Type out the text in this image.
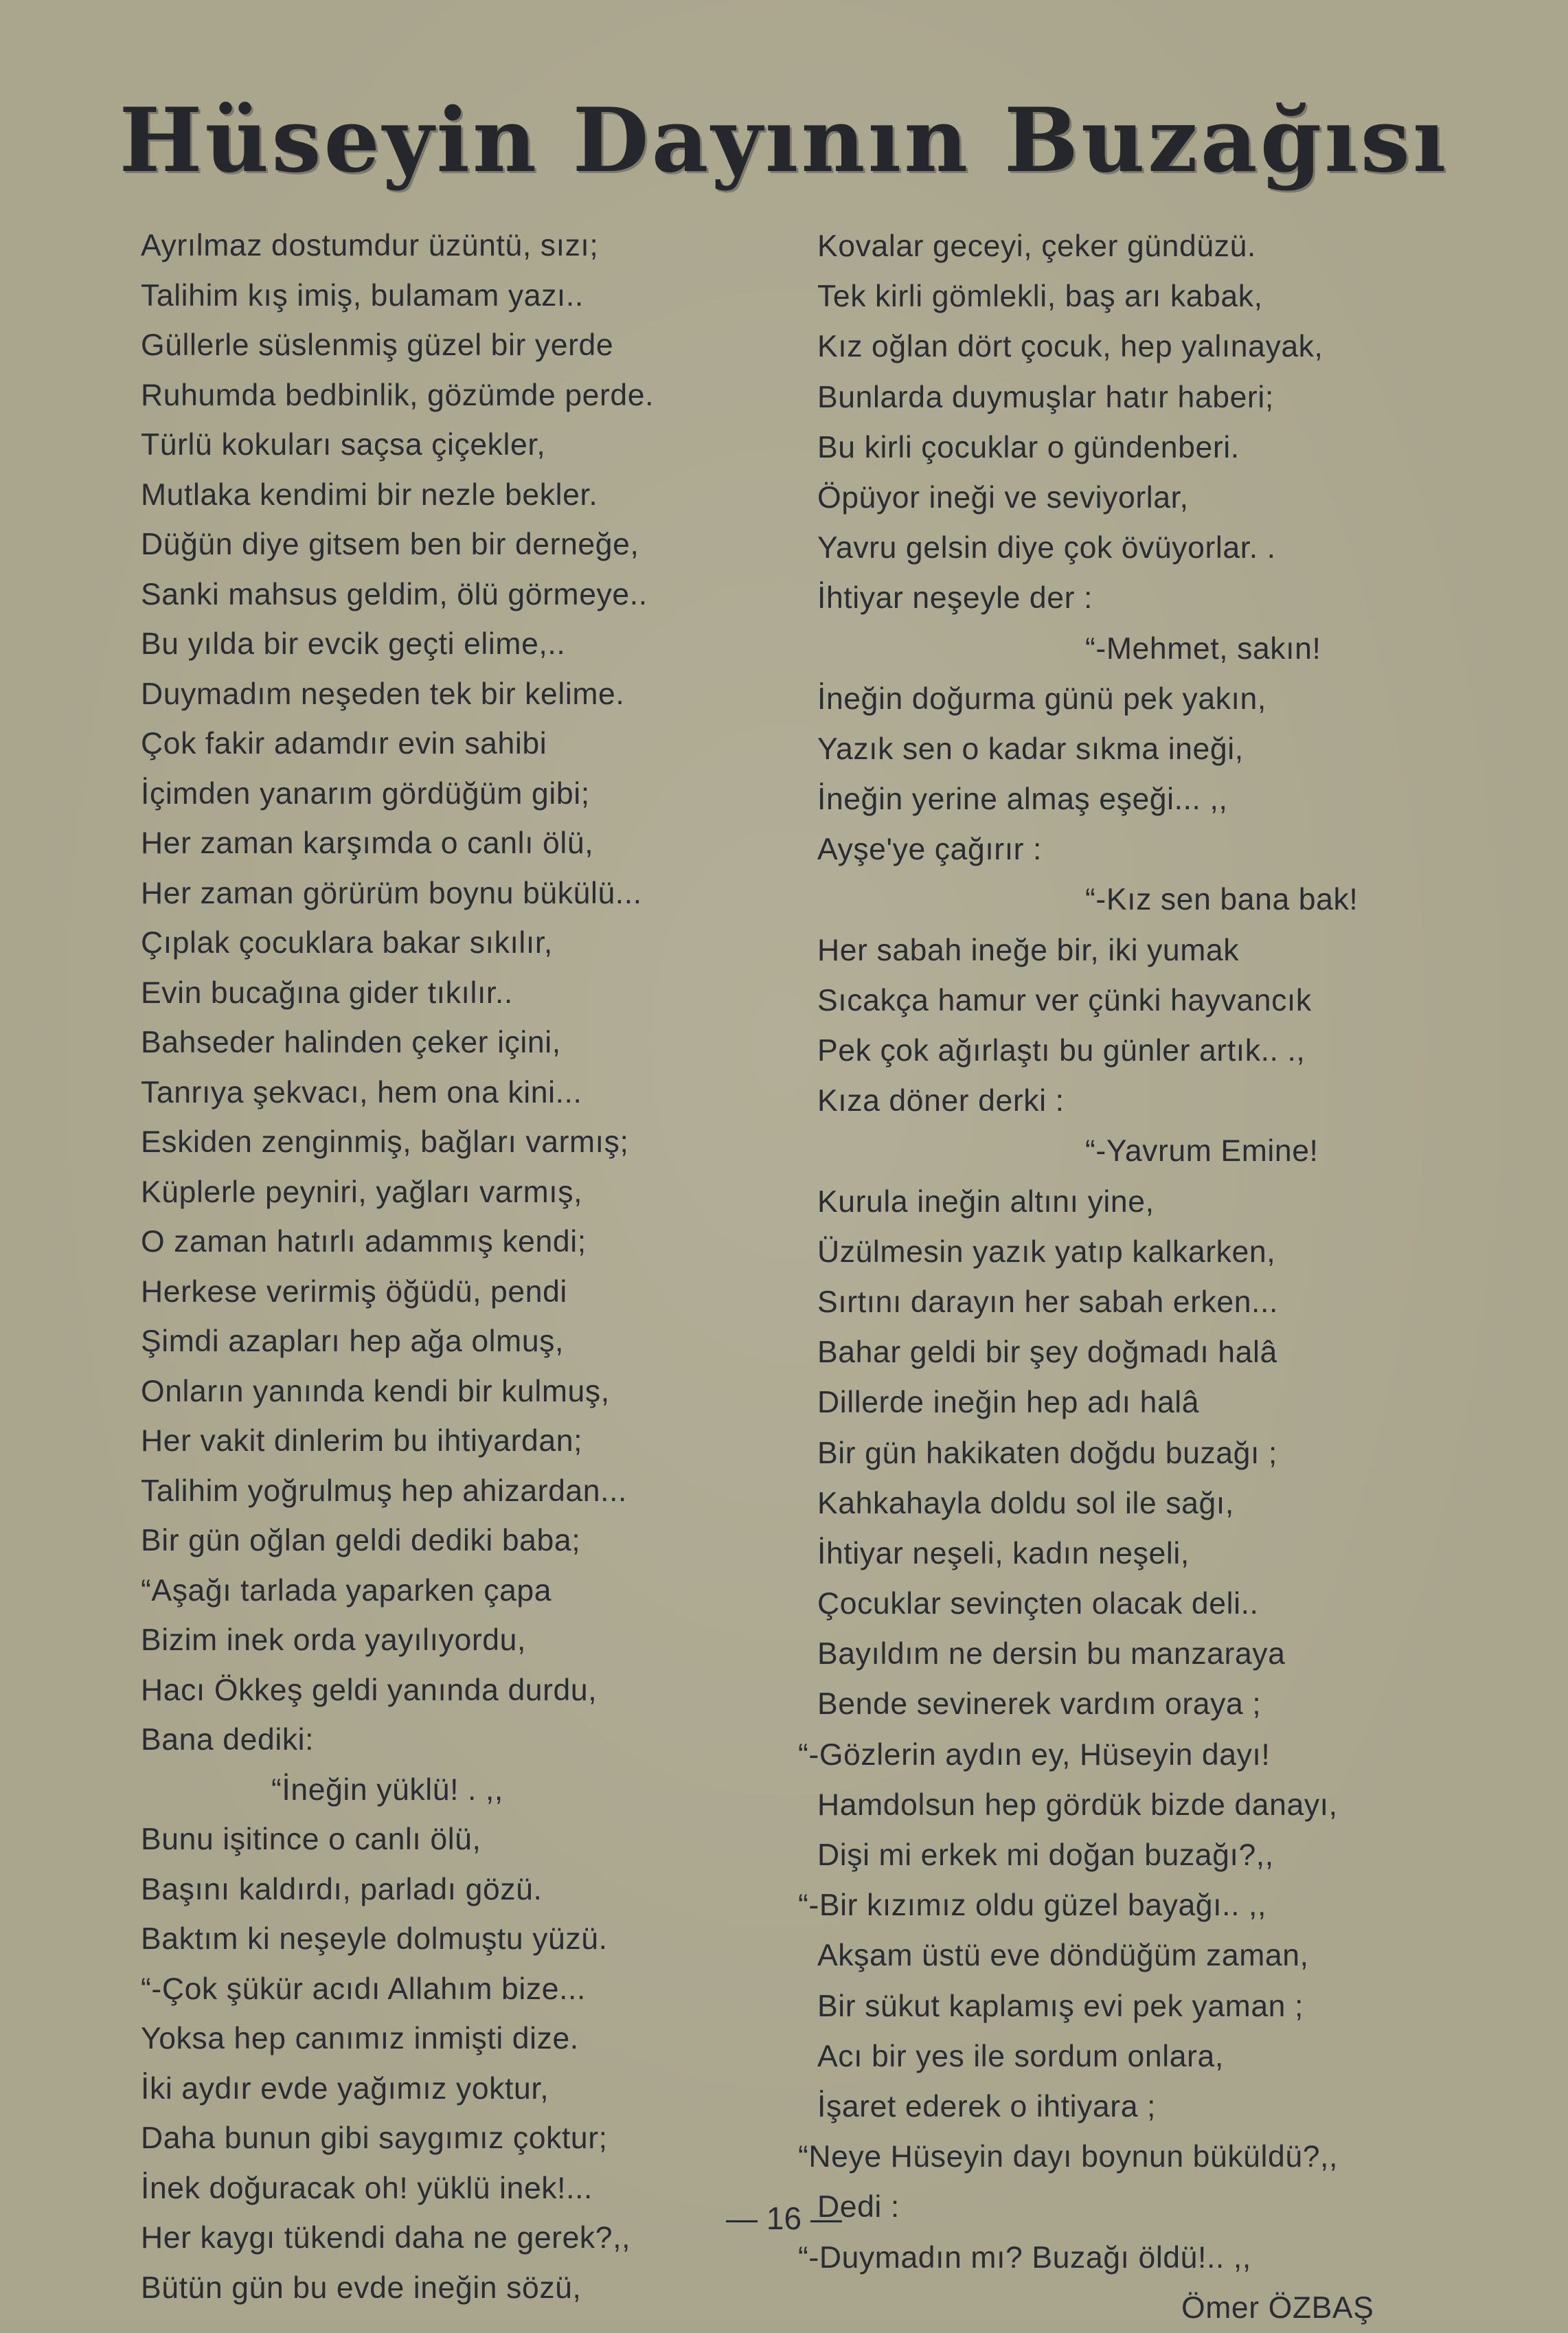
Hüseyin Dayının Buzağısı
Ayrılmaz dostumdur üzüntü, sızı;
Talihim kış imiş, bulamam yazı..
Güllerle süslenmiş güzel bir yerde
Ruhumda bedbinlik, gözümde perde.
Türlü kokuları saçsa çiçekler,
Mutlaka kendimi bir nezle bekler.
Düğün diye gitsem ben bir derneğe,
Sanki mahsus geldim, ölü görmeye..
Bu yılda bir evcik geçti elime,..
Duymadım neşeden tek bir kelime.
Çok fakir adamdır evin sahibi
İçimden yanarım gördüğüm gibi;
Her zaman karşımda o canlı ölü,
Her zaman görürüm boynu bükülü...
Çıplak çocuklara bakar sıkılır,
Evin bucağına gider tıkılır..
Bahseder halinden çeker içini,
Tanrıya şekvacı, hem ona kini...
Eskiden zenginmiş, bağları varmış;
Küplerle peyniri, yağları varmış,
O zaman hatırlı adammış kendi;
Herkese verirmiş öğüdü, pendi
Şimdi azapları hep ağa olmuş,
Onların yanında kendi bir kulmuş,
Her vakit dinlerim bu ihtiyardan;
Talihim yoğrulmuş hep ahizardan...
Bir gün oğlan geldi dediki baba;
“Aşağı tarlada yaparken çapa
Bizim inek orda yayılıyordu,
Hacı Ökkeş geldi yanında durdu,
Bana dediki:
“İneğin yüklü! . ,,
Bunu işitince o canlı ölü,
Başını kaldırdı, parladı gözü.
Baktım ki neşeyle dolmuştu yüzü.
“-Çok şükür acıdı Allahım bize...
Yoksa hep canımız inmişti dize.
İki aydır evde yağımız yoktur,
Daha bunun gibi saygımız çoktur;
İnek doğuracak oh! yüklü inek!...
Her kaygı tükendi daha ne gerek?,,
Bütün gün bu evde ineğin sözü,
Kovalar geceyi, çeker gündüzü.
Tek kirli gömlekli, baş arı kabak,
Kız oğlan dört çocuk, hep yalınayak,
Bunlarda duymuşlar hatır haberi;
Bu kirli çocuklar o gündenberi.
Öpüyor ineği ve seviyorlar,
Yavru gelsin diye çok övüyorlar. .
İhtiyar neşeyle der :
“-Mehmet, sakın!
İneğin doğurma günü pek yakın,
Yazık sen o kadar sıkma ineği,
İneğin yerine almaş eşeği... ,,
Ayşe'ye çağırır :
“-Kız sen bana bak!
Her sabah ineğe bir, iki yumak
Sıcakça hamur ver çünki hayvancık
Pek çok ağırlaştı bu günler artık.. .,
Kıza döner derki :
“-Yavrum Emine!
Kurula ineğin altını yine,
Üzülmesin yazık yatıp kalkarken,
Sırtını darayın her sabah erken...
Bahar geldi bir şey doğmadı halâ
Dillerde ineğin hep adı halâ
Bir gün hakikaten doğdu buzağı ;
Kahkahayla doldu sol ile sağı,
İhtiyar neşeli, kadın neşeli,
Çocuklar sevinçten olacak deli..
Bayıldım ne dersin bu manzaraya
Bende sevinerek vardım oraya ;
“-Gözlerin aydın ey, Hüseyin dayı!
Hamdolsun hep gördük bizde danayı,
Dişi mi erkek mi doğan buzağı?,,
“-Bir kızımız oldu güzel bayağı.. ,,
Akşam üstü eve döndüğüm zaman,
Bir sükut kaplamış evi pek yaman ;
Acı bir yes ile sordum onlara,
İşaret ederek o ihtiyara ;
“Neye Hüseyin dayı boynun büküldü?,,
Dedi :
“-Duymadın mı? Buzağı öldü!.. ,,
Ömer ÖZBAŞ
— 16 —
